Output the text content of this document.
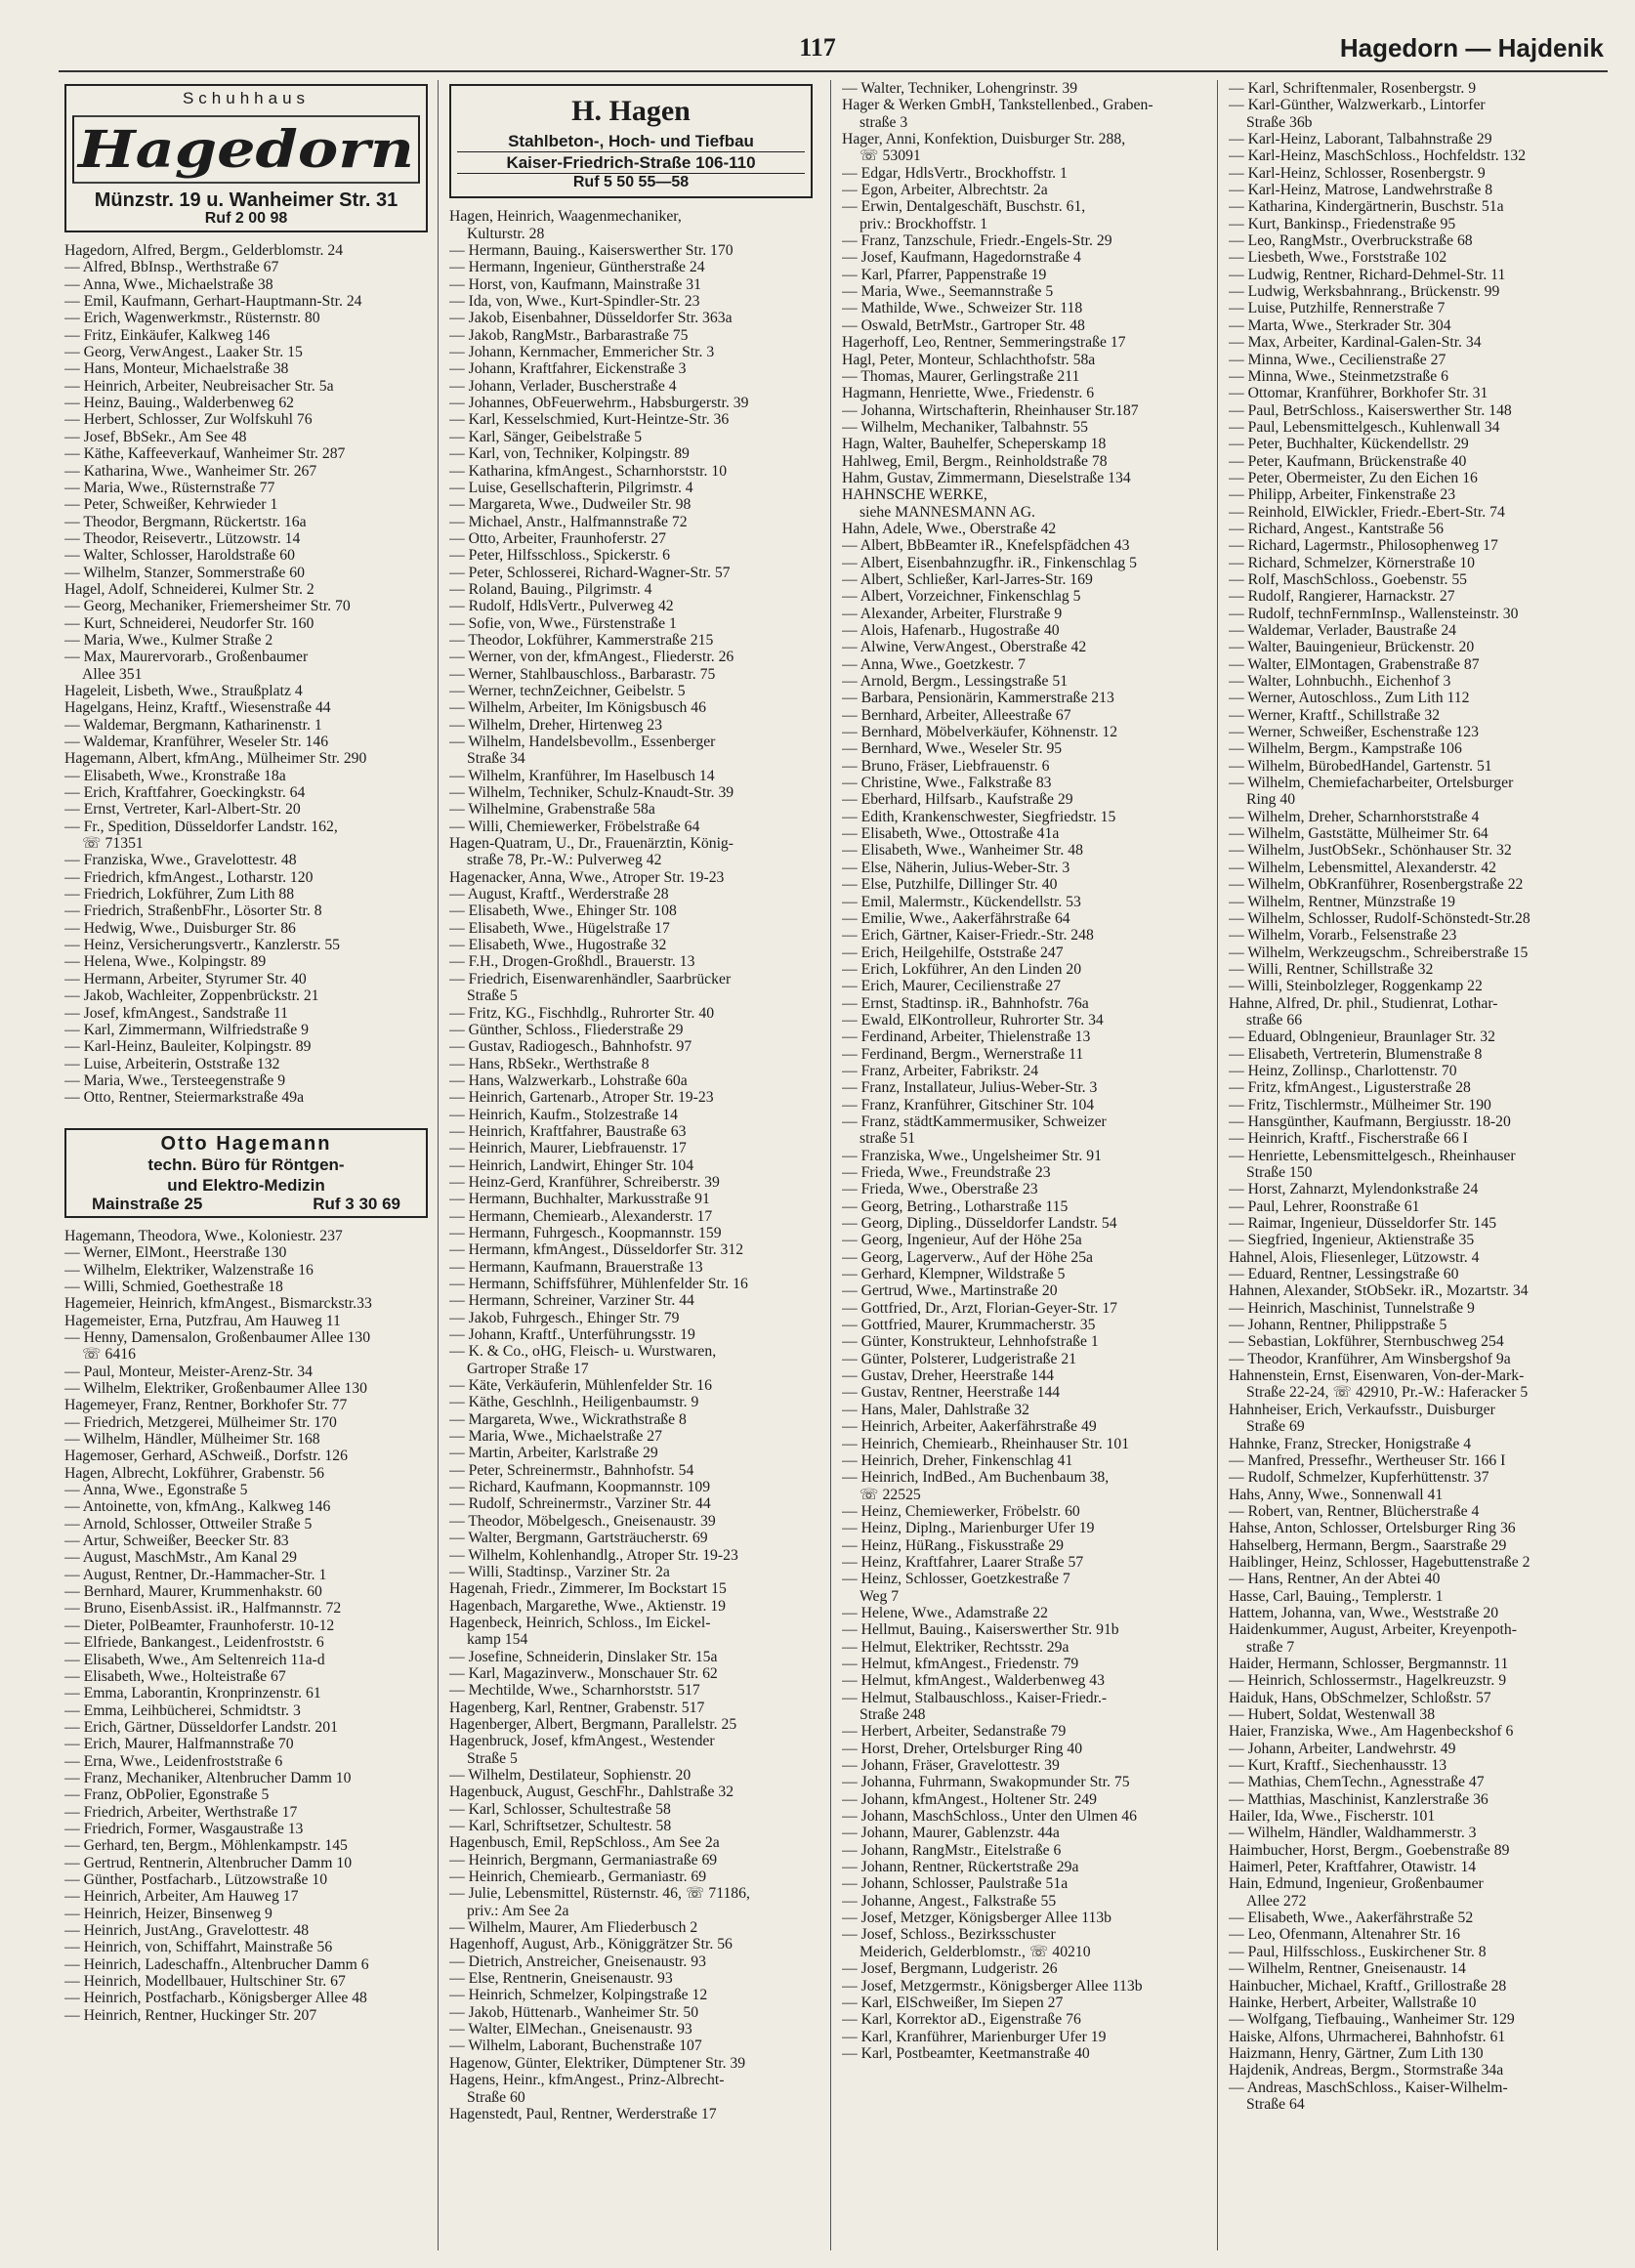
117	Hagedorn — Hajdenik
Schuhhaus
Hagedorn
Münzstr. 19 u. Wanheimer Str. 31
Ruf 2 00 98
Hagedorn, Alfred, Bergm., Gelderblomstr. 24
— Alfred, BbInsp., Werthstraße 67
— Anna, Wwe., Michaelstraße 38
— Emil, Kaufmann, Gerhart-Hauptmann-Str. 24
— Erich, Wagenwerkmstr., Rüsternstr. 80
— Fritz, Einkäufer, Kalkweg 146
— Georg, VerwAngest., Laaker Str. 15
— Hans, Monteur, Michaelstraße 38
— Heinrich, Arbeiter, Neubreisacher Str. 5a
— Heinz, Bauing., Walderbenweg 62
— Herbert, Schlosser, Zur Wolfskuhl 76
— Josef, BbSekr., Am See 48
— Käthe, Kaffeeverkauf, Wanheimer Str. 287
— Katharina, Wwe., Wanheimer Str. 267
— Maria, Wwe., Rüsternstraße 77
— Peter, Schweißer, Kehrwieder 1
— Theodor, Bergmann, Rückertstr. 16a
— Theodor, Reisevertr., Lützowstr. 14
— Walter, Schlosser, Haroldstraße 60
— Wilhelm, Stanzer, Sommerstraße 60
Hagel, Adolf, Schneiderei, Kulmer Str. 2
— Georg, Mechaniker, Friemersheimer Str. 70
— Kurt, Schneiderei, Neudorfer Str. 160
— Maria, Wwe., Kulmer Straße 2
— Max, Maurervorarb., Großenbaumer
Allee 351
Hageleit, Lisbeth, Wwe., Straußplatz 4
Hagelgans, Heinz, Kraftf., Wiesenstraße 44
— Waldemar, Bergmann, Katharinenstr. 1
— Waldemar, Kranführer, Weseler Str. 146
Hagemann, Albert, kfmAng., Mülheimer Str. 290
— Elisabeth, Wwe., Kronstraße 18a
— Erich, Kraftfahrer, Goeckingkstr. 64
— Ernst, Vertreter, Karl-Albert-Str. 20
— Fr., Spedition, Düsseldorfer Landstr. 162,
☏ 71351
— Franziska, Wwe., Gravelottestr. 48
— Friedrich, kfmAngest., Lotharstr. 120
— Friedrich, Lokführer, Zum Lith 88
— Friedrich, StraßenbFhr., Lösorter Str. 8
— Hedwig, Wwe., Duisburger Str. 86
— Heinz, Versicherungsvertr., Kanzlerstr. 55
— Helena, Wwe., Kolpingstr. 89
— Hermann, Arbeiter, Styrumer Str. 40
— Jakob, Wachleiter, Zoppenbrückstr. 21
— Josef, kfmAngest., Sandstraße 11
— Karl, Zimmermann, Wilfriedstraße 9
— Karl-Heinz, Bauleiter, Kolpingstr. 89
— Luise, Arbeiterin, Oststraße 132
— Maria, Wwe., Tersteegenstraße 9
— Otto, Rentner, Steiermarkstraße 49a
Otto Hagemann
techn. Büro für Röntgen-
und Elektro-Medizin
Mainstraße 25	Ruf 3 30 69
Hagemann, Theodora, Wwe., Koloniestr. 237
— Werner, ElMont., Heerstraße 130
— Wilhelm, Elektriker, Walzenstraße 16
— Willi, Schmied, Goethestraße 18
Hagemeier, Heinrich, kfmAngest., Bismarckstr.33
Hagemeister, Erna, Putzfrau, Am Hauweg 11
— Henny, Damensalon, Großenbaumer Allee 130
☏ 6416
— Paul, Monteur, Meister-Arenz-Str. 34
— Wilhelm, Elektriker, Großenbaumer Allee 130
Hagemeyer, Franz, Rentner, Borkhofer Str. 77
— Friedrich, Metzgerei, Mülheimer Str. 170
— Wilhelm, Händler, Mülheimer Str. 168
Hagemoser, Gerhard, ASchweiß., Dorfstr. 126
Hagen, Albrecht, Lokführer, Grabenstr. 56
— Anna, Wwe., Egonstraße 5
— Antoinette, von, kfmAng., Kalkweg 146
— Arnold, Schlosser, Ottweiler Straße 5
— Artur, Schweißer, Beecker Str. 83
— August, MaschMstr., Am Kanal 29
— August, Rentner, Dr.-Hammacher-Str. 1
— Bernhard, Maurer, Krummenhakstr. 60
— Bruno, EisenbAssist. iR., Halfmannstr. 72
— Dieter, PolBeamter, Fraunhoferstr. 10-12
— Elfriede, Bankangest., Leidenfroststr. 6
— Elisabeth, Wwe., Am Seltenreich 11a-d
— Elisabeth, Wwe., Holteistraße 67
— Emma, Laborantin, Kronprinzenstr. 61
— Emma, Leihbücherei, Schmidtstr. 3
— Erich, Gärtner, Düsseldorfer Landstr. 201
— Erich, Maurer, Halfmannstraße 70
— Erna, Wwe., Leidenfroststraße 6
— Franz, Mechaniker, Altenbrucher Damm 10
— Franz, ObPolier, Egonstraße 5
— Friedrich, Arbeiter, Werthstraße 17
— Friedrich, Former, Wasgaustraße 13
— Gerhard, ten, Bergm., Möhlenkampstr. 145
— Gertrud, Rentnerin, Altenbrucher Damm 10
— Günther, Postfacharb., Lützowstraße 10
— Heinrich, Arbeiter, Am Hauweg 17
— Heinrich, Heizer, Binsenweg 9
— Heinrich, JustAng., Gravelottestr. 48
— Heinrich, von, Schiffahrt, Mainstraße 56
— Heinrich, Ladeschaffn., Altenbrucher Damm 6
— Heinrich, Modellbauer, Hultschiner Str. 67
— Heinrich, Postfacharb., Königsberger Allee 48
— Heinrich, Rentner, Huckinger Str. 207
H. Hagen
Stahlbeton-, Hoch- und Tiefbau
Kaiser-Friedrich-Straße 106-110
Ruf 5 50 55—58
Hagen, Heinrich, Waagenmechaniker,
Kulturstr. 28
— Hermann, Bauing., Kaiserswerther Str. 170
— Hermann, Ingenieur, Güntherstraße 24
— Horst, von, Kaufmann, Mainstraße 31
— Ida, von, Wwe., Kurt-Spindler-Str. 23
— Jakob, Eisenbahner, Düsseldorfer Str. 363a
— Jakob, RangMstr., Barbarastraße 75
— Johann, Kernmacher, Emmericher Str. 3
— Johann, Kraftfahrer, Eickenstraße 3
— Johann, Verlader, Buscherstraße 4
— Johannes, ObFeuerwehrm., Habsburgerstr. 39
— Karl, Kesselschmied, Kurt-Heintze-Str. 36
— Karl, Sänger, Geibelstraße 5
— Karl, von, Techniker, Kolpingstr. 89
— Katharina, kfmAngest., Scharnhorststr. 10
— Luise, Gesellschafterin, Pilgrimstr. 4
— Margareta, Wwe., Dudweiler Str. 98
— Michael, Anstr., Halfmannstraße 72
— Otto, Arbeiter, Fraunhoferstr. 27
— Peter, Hilfsschloss., Spickerstr. 6
— Peter, Schlosserei, Richard-Wagner-Str. 57
— Roland, Bauing., Pilgrimstr. 4
— Rudolf, HdlsVertr., Pulverweg 42
— Sofie, von, Wwe., Fürstenstraße 1
— Theodor, Lokführer, Kammerstraße 215
— Werner, von der, kfmAngest., Fliederstr. 26
— Werner, Stahlbauschloss., Barbarastr. 75
— Werner, technZeichner, Geibelstr. 5
— Wilhelm, Arbeiter, Im Königsbusch 46
— Wilhelm, Dreher, Hirtenweg 23
— Wilhelm, Handelsbevollm., Essenberger
Straße 34
— Wilhelm, Kranführer, Im Haselbusch 14
— Wilhelm, Techniker, Schulz-Knaudt-Str. 39
— Wilhelmine, Grabenstraße 58a
— Willi, Chemiewerker, Fröbelstraße 64
Hagen-Quatram, U., Dr., Frauenärztin, König-
straße 78, Pr.-W.: Pulverweg 42
Hagenacker, Anna, Wwe., Atroper Str. 19-23
— August, Kraftf., Werderstraße 28
— Elisabeth, Wwe., Ehinger Str. 108
— Elisabeth, Wwe., Hügelstraße 17
— Elisabeth, Wwe., Hugostraße 32
— F.H., Drogen-Großhdl., Brauerstr. 13
— Friedrich, Eisenwarenhändler, Saarbrücker
Straße 5
— Fritz, KG., Fischhdlg., Ruhrorter Str. 40
— Günther, Schloss., Fliederstraße 29
— Gustav, Radiogesch., Bahnhofstr. 97
— Hans, RbSekr., Werthstraße 8
— Hans, Walzwerkarb., Lohstraße 60a
— Heinrich, Gartenarb., Atroper Str. 19-23
— Heinrich, Kaufm., Stolzestraße 14
— Heinrich, Kraftfahrer, Baustraße 63
— Heinrich, Maurer, Liebfrauenstr. 17
— Heinrich, Landwirt, Ehinger Str. 104
— Heinz-Gerd, Kranführer, Schreiberstr. 39
— Hermann, Buchhalter, Markusstraße 91
— Hermann, Chemiearb., Alexanderstr. 17
— Hermann, Fuhrgesch., Koopmannstr. 159
— Hermann, kfmAngest., Düsseldorfer Str. 312
— Hermann, Kaufmann, Brauerstraße 13
— Hermann, Schiffsführer, Mühlenfelder Str. 16
— Hermann, Schreiner, Varziner Str. 44
— Jakob, Fuhrgesch., Ehinger Str. 79
— Johann, Kraftf., Unterführungsstr. 19
— K. & Co., oHG, Fleisch- u. Wurstwaren,
Gartroper Straße 17
— Käte, Verkäuferin, Mühlenfelder Str. 16
— Käthe, Geschlnh., Heiligenbaumstr. 9
— Margareta, Wwe., Wickrathstraße 8
— Maria, Wwe., Michaelstraße 27
— Martin, Arbeiter, Karlstraße 29
— Peter, Schreinermstr., Bahnhofstr. 54
— Richard, Kaufmann, Koopmannstr. 109
— Rudolf, Schreinermstr., Varziner Str. 44
— Theodor, Möbelgesch., Gneisenaustr. 39
— Walter, Bergmann, Gartsträucherstr. 69
— Wilhelm, Kohlenhandlg., Atroper Str. 19-23
— Willi, Stadtinsp., Varziner Str. 2a
Hagenah, Friedr., Zimmerer, Im Bockstart 15
Hagenbach, Margarethe, Wwe., Aktienstr. 19
Hagenbeck, Heinrich, Schloss., Im Eickel-
kamp 154
— Josefine, Schneiderin, Dinslaker Str. 15a
— Karl, Magazinverw., Monschauer Str. 62
— Mechtilde, Wwe., Scharnhorststr. 517
Hagenberg, Karl, Rentner, Grabenstr. 517
Hagenberger, Albert, Bergmann, Parallelstr. 25
Hagenbruck, Josef, kfmAngest., Westender
Straße 5
— Wilhelm, Destilateur, Sophienstr. 20
Hagenbuck, August, GeschFhr., Dahlstraße 32
— Karl, Schlosser, Schultestraße 58
— Karl, Schriftsetzer, Schultestr. 58
Hagenbusch, Emil, RepSchloss., Am See 2a
— Heinrich, Bergmann, Germaniastraße 69
— Heinrich, Chemiearb., Germaniastr. 69
— Julie, Lebensmittel, Rüsternstr. 46, ☏ 71186,
priv.: Am See 2a
— Wilhelm, Maurer, Am Fliederbusch 2
Hagenhoff, August, Arb., Königgrätzer Str. 56
— Dietrich, Anstreicher, Gneisenaustr. 93
— Else, Rentnerin, Gneisenaustr. 93
— Heinrich, Schmelzer, Kolpingstraße 12
— Jakob, Hüttenarb., Wanheimer Str. 50
— Walter, ElMechan., Gneisenaustr. 93
— Wilhelm, Laborant, Buchenstraße 107
Hagenow, Günter, Elektriker, Dümptener Str. 39
Hagens, Heinr., kfmAngest., Prinz-Albrecht-
Straße 60
Hagenstedt, Paul, Rentner, Werderstraße 17
— Walter, Techniker, Lohengrinstr. 39
Hager & Werken GmbH, Tankstellenbed., Graben-
straße 3
Hager, Anni, Konfektion, Duisburger Str. 288,
☏ 53091
— Edgar, HdlsVertr., Brockhoffstr. 1
— Egon, Arbeiter, Albrechtstr. 2a
— Erwin, Dentalgeschäft, Buschstr. 61,
priv.: Brockhoffstr. 1
— Franz, Tanzschule, Friedr.-Engels-Str. 29
— Josef, Kaufmann, Hagedornstraße 4
— Karl, Pfarrer, Pappenstraße 19
— Maria, Wwe., Seemannstraße 5
— Mathilde, Wwe., Schweizer Str. 118
— Oswald, BetrMstr., Gartroper Str. 48
Hagerhoff, Leo, Rentner, Semmeringstraße 17
Hagl, Peter, Monteur, Schlachthofstr. 58a
— Thomas, Maurer, Gerlingstraße 211
Hagmann, Henriette, Wwe., Friedenstr. 6
— Johanna, Wirtschafterin, Rheinhauser Str.187
— Wilhelm, Mechaniker, Talbahnstr. 55
Hagn, Walter, Bauhelfer, Scheperskamp 18
Hahlweg, Emil, Bergm., Reinholdstraße 78
Hahm, Gustav, Zimmermann, Dieselstraße 134
HAHNSCHE WERKE,
siehe MANNESMANN AG.
Hahn, Adele, Wwe., Oberstraße 42
— Albert, BbBeamter iR., Knefelspfädchen 43
— Albert, Eisenbahnzugfhr. iR., Finkenschlag 5
— Albert, Schließer, Karl-Jarres-Str. 169
— Albert, Vorzeichner, Finkenschlag 5
— Alexander, Arbeiter, Flurstraße 9
— Alois, Hafenarb., Hugostraße 40
— Alwine, VerwAngest., Oberstraße 42
— Anna, Wwe., Goetzkestr. 7
— Arnold, Bergm., Lessingstraße 51
— Barbara, Pensionärin, Kammerstraße 213
— Bernhard, Arbeiter, Alleestraße 67
— Bernhard, Möbelverkäufer, Köhnenstr. 12
— Bernhard, Wwe., Weseler Str. 95
— Bruno, Fräser, Liebfrauenstr. 6
— Christine, Wwe., Falkstraße 83
— Eberhard, Hilfsarb., Kaufstraße 29
— Edith, Krankenschwester, Siegfriedstr. 15
— Elisabeth, Wwe., Ottostraße 41a
— Elisabeth, Wwe., Wanheimer Str. 48
— Else, Näherin, Julius-Weber-Str. 3
— Else, Putzhilfe, Dillinger Str. 40
— Emil, Malermstr., Kückendellstr. 53
— Emilie, Wwe., Aakerfährstraße 64
— Erich, Gärtner, Kaiser-Friedr.-Str. 248
— Erich, Heilgehilfe, Oststraße 247
— Erich, Lokführer, An den Linden 20
— Erich, Maurer, Cecilienstraße 27
— Ernst, Stadtinsp. iR., Bahnhofstr. 76a
— Ewald, ElKontrolleur, Ruhrorter Str. 34
— Ferdinand, Arbeiter, Thielenstraße 13
— Ferdinand, Bergm., Wernerstraße 11
— Franz, Arbeiter, Fabrikstr. 24
— Franz, Installateur, Julius-Weber-Str. 3
— Franz, Kranführer, Gitschiner Str. 104
— Franz, städtKammermusiker, Schweizer
straße 51
— Franziska, Wwe., Ungelsheimer Str. 91
— Frieda, Wwe., Freundstraße 23
— Frieda, Wwe., Oberstraße 23
— Georg, Betring., Lotharstraße 115
— Georg, Dipling., Düsseldorfer Landstr. 54
— Georg, Ingenieur, Auf der Höhe 25a
— Georg, Lagerverw., Auf der Höhe 25a
— Gerhard, Klempner, Wildstraße 5
— Gertrud, Wwe., Martinstraße 20
— Gottfried, Dr., Arzt, Florian-Geyer-Str. 17
— Gottfried, Maurer, Krummacherstr. 35
— Günter, Konstrukteur, Lehnhofstraße 1
— Günter, Polsterer, Ludgeristraße 21
— Gustav, Dreher, Heerstraße 144
— Gustav, Rentner, Heerstraße 144
— Hans, Maler, Dahlstraße 32
— Heinrich, Arbeiter, Aakerfährstraße 49
— Heinrich, Chemiearb., Rheinhauser Str. 101
— Heinrich, Dreher, Finkenschlag 41
— Heinrich, IndBed., Am Buchenbaum 38,
☏ 22525
— Heinz, Chemiewerker, Fröbelstr. 60
— Heinz, Diplng., Marienburger Ufer 19
— Heinz, HüRang., Fiskusstraße 29
— Heinz, Kraftfahrer, Laarer Straße 57
— Heinz, Schlosser, Goetzkestraße 7
Weg 7
— Helene, Wwe., Adamstraße 22
— Hellmut, Bauing., Kaiserswerther Str. 91b
— Helmut, Elektriker, Rechtsstr. 29a
— Helmut, kfmAngest., Friedenstr. 79
— Helmut, kfmAngest., Walderbenweg 43
— Helmut, Stalbauschloss., Kaiser-Friedr.-
Straße 248
— Herbert, Arbeiter, Sedanstraße 79
— Horst, Dreher, Ortelsburger Ring 40
— Johann, Fräser, Gravelottestr. 39
— Johanna, Fuhrmann, Swakopmunder Str. 75
— Johann, kfmAngest., Holtener Str. 249
— Johann, MaschSchloss., Unter den Ulmen 46
— Johann, Maurer, Gablenzstr. 44a
— Johann, RangMstr., Eitelstraße 6
— Johann, Rentner, Rückertstraße 29a
— Johann, Schlosser, Paulstraße 51a
— Johanne, Angest., Falkstraße 55
— Josef, Metzger, Königsberger Allee 113b
— Josef, Schloss., Bezirksschuster
Meiderich, Gelderblomstr., ☏ 40210
— Josef, Bergmann, Ludgeristr. 26
— Josef, Metzgermstr., Königsberger Allee 113b
— Karl, ElSchweißer, Im Siepen 27
— Karl, Korrektor aD., Eigenstraße 76
— Karl, Kranführer, Marienburger Ufer 19
— Karl, Postbeamter, Keetmanstraße 40
— Karl, Schriftenmaler, Rosenbergstr. 9
— Karl-Günther, Walzwerkarb., Lintorfer
Straße 36b
— Karl-Heinz, Laborant, Talbahnstraße 29
— Karl-Heinz, MaschSchloss., Hochfeldstr. 132
— Karl-Heinz, Schlosser, Rosenbergstr. 9
— Karl-Heinz, Matrose, Landwehrstraße 8
— Katharina, Kindergärtnerin, Buschstr. 51a
— Kurt, Bankinsp., Friedenstraße 95
— Leo, RangMstr., Overbruckstraße 68
— Liesbeth, Wwe., Forststraße 102
— Ludwig, Rentner, Richard-Dehmel-Str. 11
— Ludwig, Werksbahnrang., Brückenstr. 99
— Luise, Putzhilfe, Rennerstraße 7
— Marta, Wwe., Sterkrader Str. 304
— Max, Arbeiter, Kardinal-Galen-Str. 34
— Minna, Wwe., Cecilienstraße 27
— Minna, Wwe., Steinmetzstraße 6
— Ottomar, Kranführer, Borkhofer Str. 31
— Paul, BetrSchloss., Kaiserswerther Str. 148
— Paul, Lebensmittelgesch., Kuhlenwall 34
— Peter, Buchhalter, Kückendellstr. 29
— Peter, Kaufmann, Brückenstraße 40
— Peter, Obermeister, Zu den Eichen 16
— Philipp, Arbeiter, Finkenstraße 23
— Reinhold, ElWickler, Friedr.-Ebert-Str. 74
— Richard, Angest., Kantstraße 56
— Richard, Lagermstr., Philosophenweg 17
— Richard, Schmelzer, Körnerstraße 10
— Rolf, MaschSchloss., Goebenstr. 55
— Rudolf, Rangierer, Harnackstr. 27
— Rudolf, technFernmInsp., Wallensteinstr. 30
— Waldemar, Verlader, Baustraße 24
— Walter, Bauingenieur, Brückenstr. 20
— Walter, ElMontagen, Grabenstraße 87
— Walter, Lohnbuchh., Eichenhof 3
— Werner, Autoschloss., Zum Lith 112
— Werner, Kraftf., Schillstraße 32
— Werner, Schweißer, Eschenstraße 123
— Wilhelm, Bergm., Kampstraße 106
— Wilhelm, BürobedHandel, Gartenstr. 51
— Wilhelm, Chemiefacharbeiter, Ortelsburger
Ring 40
— Wilhelm, Dreher, Scharnhorststraße 4
— Wilhelm, Gaststätte, Mülheimer Str. 64
— Wilhelm, JustObSekr., Schönhauser Str. 32
— Wilhelm, Lebensmittel, Alexanderstr. 42
— Wilhelm, ObKranführer, Rosenbergstraße 22
— Wilhelm, Rentner, Münzstraße 19
— Wilhelm, Schlosser, Rudolf-Schönstedt-Str.28
— Wilhelm, Vorarb., Felsenstraße 23
— Wilhelm, Werkzeugschm., Schreiberstraße 15
— Willi, Rentner, Schillstraße 32
— Willi, Steinbolzleger, Roggenkamp 22
Hahne, Alfred, Dr. phil., Studienrat, Lothar-
straße 66
— Eduard, Oblngenieur, Braunlager Str. 32
— Elisabeth, Vertreterin, Blumenstraße 8
— Heinz, Zollinsp., Charlottenstr. 70
— Fritz, kfmAngest., Ligusterstraße 28
— Fritz, Tischlermstr., Mülheimer Str. 190
— Hansgünther, Kaufmann, Bergiusstr. 18-20
— Heinrich, Kraftf., Fischerstraße 66 I
— Henriette, Lebensmittelgesch., Rheinhauser
Straße 150
— Horst, Zahnarzt, Mylendonkstraße 24
— Paul, Lehrer, Roonstraße 61
— Raimar, Ingenieur, Düsseldorfer Str. 145
— Siegfried, Ingenieur, Aktienstraße 35
Hahnel, Alois, Fliesenleger, Lützowstr. 4
— Eduard, Rentner, Lessingstraße 60
Hahnen, Alexander, StObSekr. iR., Mozartstr. 34
— Heinrich, Maschinist, Tunnelstraße 9
— Johann, Rentner, Philippstraße 5
— Sebastian, Lokführer, Sternbuschweg 254
— Theodor, Kranführer, Am Winsbergshof 9a
Hahnenstein, Ernst, Eisenwaren, Von-der-Mark-
Straße 22-24, ☏ 42910, Pr.-W.: Haferacker 5
Hahnheiser, Erich, Verkaufsstr., Duisburger
Straße 69
Hahnke, Franz, Strecker, Honigstraße 4
— Manfred, Pressefhr., Wertheuser Str. 166 I
— Rudolf, Schmelzer, Kupferhüttenstr. 37
Hahs, Anny, Wwe., Sonnenwall 41
— Robert, van, Rentner, Blücherstraße 4
Hahse, Anton, Schlosser, Ortelsburger Ring 36
Hahselberg, Hermann, Bergm., Saarstraße 29
Haiblinger, Heinz, Schlosser, Hagebuttenstraße 2
— Hans, Rentner, An der Abtei 40
Hasse, Carl, Bauing., Templerstr. 1
Hattem, Johanna, van, Wwe., Weststraße 20
Haidenkummer, August, Arbeiter, Kreyenpoth-
straße 7
Haider, Hermann, Schlosser, Bergmannstr. 11
— Heinrich, Schlossermstr., Hagelkreuzstr. 9
Haiduk, Hans, ObSchmelzer, Schloßstr. 57
— Hubert, Soldat, Westenwall 38
Haier, Franziska, Wwe., Am Hagenbeckshof 6
— Johann, Arbeiter, Landwehrstr. 49
— Kurt, Kraftf., Siechenhausstr. 13
— Mathias, ChemTechn., Agnesstraße 47
— Matthias, Maschinist, Kanzlerstraße 36
Hailer, Ida, Wwe., Fischerstr. 101
— Wilhelm, Händler, Waldhammerstr. 3
Haimbucher, Horst, Bergm., Goebenstraße 89
Haimerl, Peter, Kraftfahrer, Otawistr. 14
Hain, Edmund, Ingenieur, Großenbaumer
Allee 272
— Elisabeth, Wwe., Aakerfährstraße 52
— Leo, Ofenmann, Altenahrer Str. 16
— Paul, Hilfsschloss., Euskirchener Str. 8
— Wilhelm, Rentner, Gneisenaustr. 14
Hainbucher, Michael, Kraftf., Grillostraße 28
Hainke, Herbert, Arbeiter, Wallstraße 10
— Wolfgang, Tiefbauing., Wanheimer Str. 129
Haiske, Alfons, Uhrmacherei, Bahnhofstr. 61
Haizmann, Henry, Gärtner, Zum Lith 130
Hajdenik, Andreas, Bergm., Stormstraße 34a
— Andreas, MaschSchloss., Kaiser-Wilhelm-
Straße 64
